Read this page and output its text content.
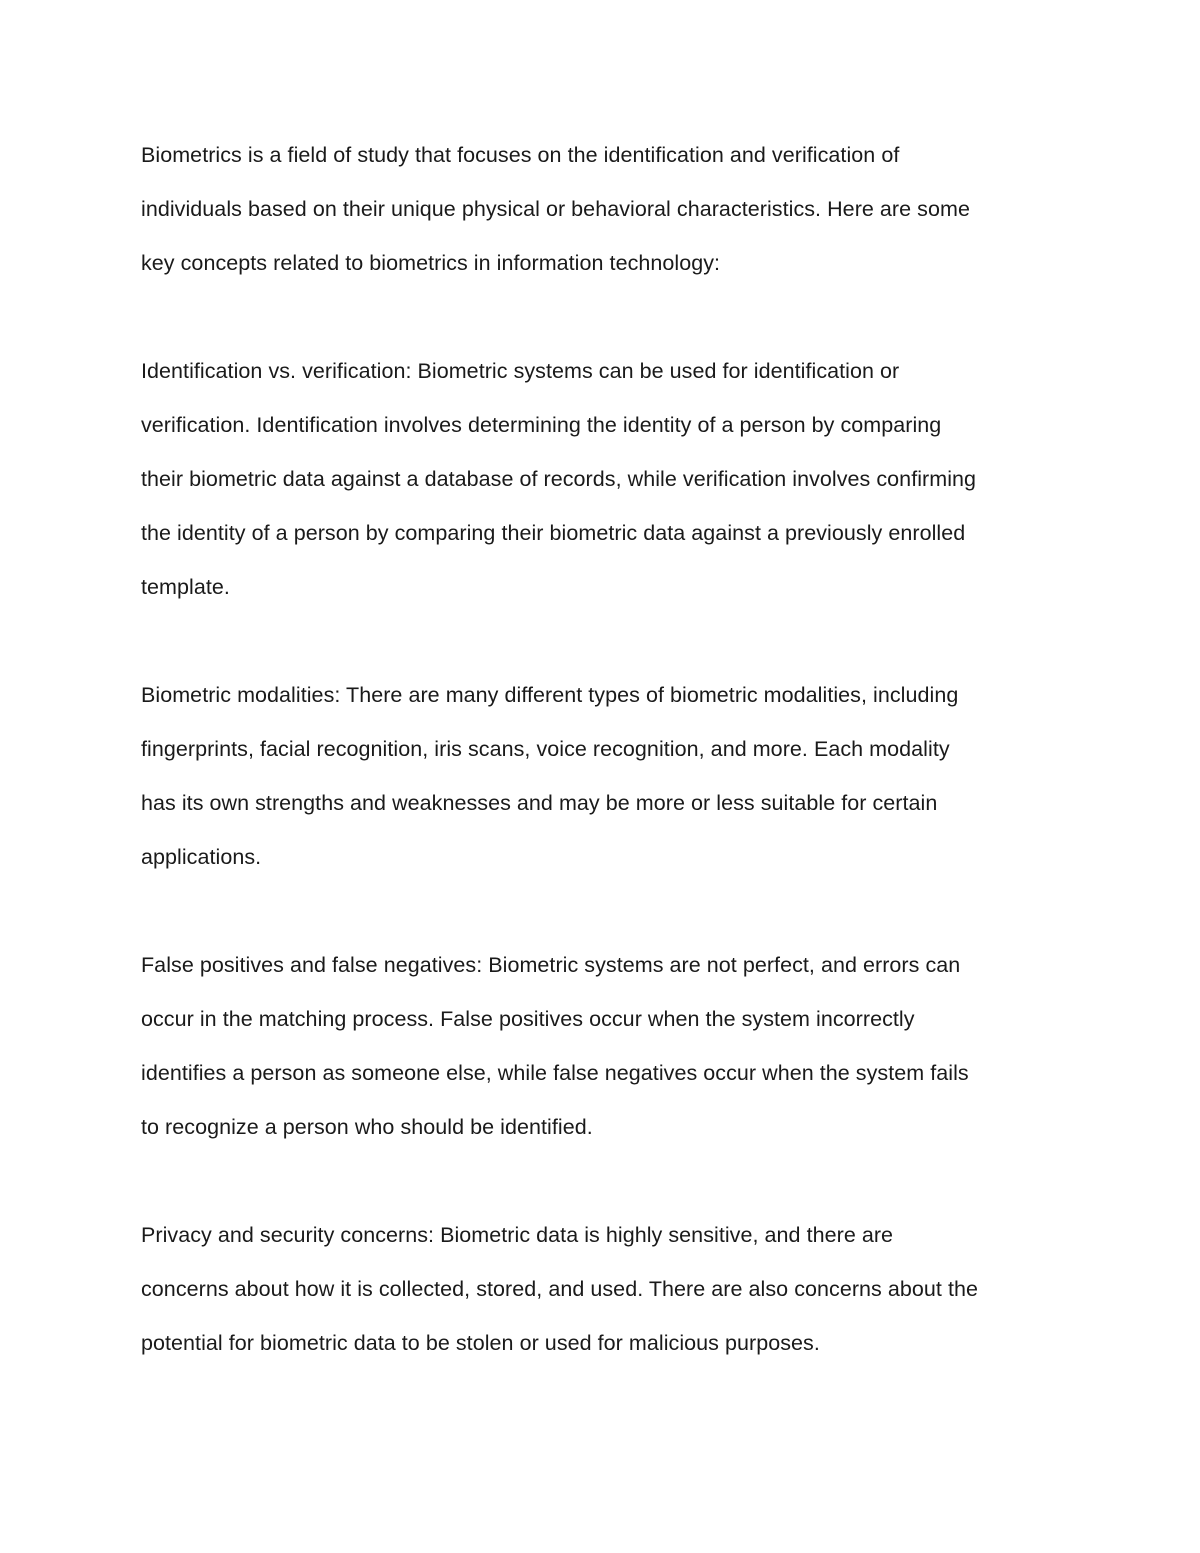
Biometrics is a field of study that focuses on the identification and verification of
individuals based on their unique physical or behavioral characteristics. Here are some
key concepts related to biometrics in information technology:
Identification vs. verification: Biometric systems can be used for identification or
verification. Identification involves determining the identity of a person by comparing
their biometric data against a database of records, while verification involves confirming
the identity of a person by comparing their biometric data against a previously enrolled
template.
Biometric modalities: There are many different types of biometric modalities, including
fingerprints, facial recognition, iris scans, voice recognition, and more. Each modality
has its own strengths and weaknesses and may be more or less suitable for certain
applications.
False positives and false negatives: Biometric systems are not perfect, and errors can
occur in the matching process. False positives occur when the system incorrectly
identifies a person as someone else, while false negatives occur when the system fails
to recognize a person who should be identified.
Privacy and security concerns: Biometric data is highly sensitive, and there are
concerns about how it is collected, stored, and used. There are also concerns about the
potential for biometric data to be stolen or used for malicious purposes.
